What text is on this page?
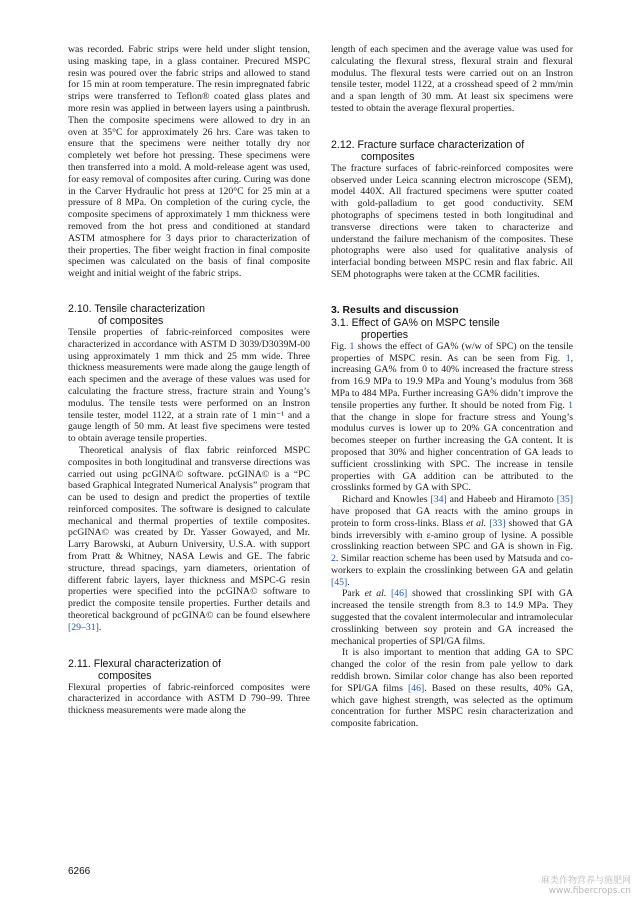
was recorded. Fabric strips were held under slight tension, using masking tape, in a glass container. Precured MSPC resin was poured over the fabric strips and allowed to stand for 15 min at room temperature. The resin impregnated fabric strips were transferred to Teflon® coated glass plates and more resin was applied in between layers using a paintbrush. Then the composite specimens were allowed to dry in an oven at 35°C for approximately 26 hrs. Care was taken to ensure that the specimens were neither totally dry nor completely wet before hot pressing. These specimens were then transferred into a mold. A mold-release agent was used, for easy removal of composites after curing. Curing was done in the Carver Hydraulic hot press at 120°C for 25 min at a pressure of 8 MPa. On completion of the curing cycle, the composite specimens of approximately 1 mm thickness were removed from the hot press and conditioned at standard ASTM atmosphere for 3 days prior to characterization of their properties. The fiber weight fraction in final composite specimen was calculated on the basis of final composite weight and initial weight of the fabric strips.

2.10. Tensile characterization
of composites

Tensile properties of fabric-reinforced composites were characterized in accordance with ASTM D 3039/D3039M-00 using approximately 1 mm thick and 25 mm wide. Three thickness measurements were made along the gauge length of each specimen and the average of these values was used for calculating the fracture stress, fracture strain and Young’s modulus. The tensile tests were performed on an Instron tensile tester, model 1122, at a strain rate of 1 min⁻¹ and a gauge length of 50 mm. At least five specimens were tested to obtain average tensile properties.

Theoretical analysis of flax fabric reinforced MSPC composites in both longitudinal and transverse directions was carried out using pcGINA© software. pcGINA© is a “PC based Graphical Integrated Numerical Analysis” program that can be used to design and predict the properties of textile reinforced composites. The software is designed to calculate mechanical and thermal properties of textile composites. pcGINA© was created by Dr. Yasser Gowayed, and Mr. Larry Barowski, at Auburn University, U.S.A. with support from Pratt & Whitney, NASA Lewis and GE. The fabric structure, thread spacings, yarn diameters, orientation of different fabric layers, layer thickness and MSPC-G resin properties were specified into the pcGINA© software to predict the composite tensile properties. Further details and theoretical background of pcGINA© can be found elsewhere [29–31].

2.11. Flexural characterization of
composites

Flexural properties of fabric-reinforced composites were characterized in accordance with ASTM D 790–99. Three thickness measurements were made along the

length of each specimen and the average value was used for calculating the flexural stress, flexural strain and flexural modulus. The flexural tests were carried out on an Instron tensile tester, model 1122, at a crosshead speed of 2 mm/min and a span length of 30 mm. At least six specimens were tested to obtain the average flexural properties.

2.12. Fracture surface characterization of
composites

The fracture surfaces of fabric-reinforced composites were observed under Leica scanning electron microscope (SEM), model 440X. All fractured specimens were sputter coated with gold-palladium to get good conductivity. SEM photographs of specimens tested in both longitudinal and transverse directions were taken to characterize and understand the failure mechanism of the composites. These photographs were also used for qualitative analysis of interfacial bonding between MSPC resin and flax fabric. All SEM photographs were taken at the CCMR facilities.

3. Results and discussion
3.1. Effect of GA% on MSPC tensile
properties

Fig. 1 shows the effect of GA% (w/w of SPC) on the tensile properties of MSPC resin. As can be seen from Fig. 1, increasing GA% from 0 to 40% increased the fracture stress from 16.9 MPa to 19.9 MPa and Young’s modulus from 368 MPa to 484 MPa. Further increasing GA% didn’t improve the tensile properties any further. It should be noted from Fig. 1 that the change in slope for fracture stress and Young’s modulus curves is lower up to 20% GA concentration and becomes steeper on further increasing the GA content. It is proposed that 30% and higher concentration of GA leads to sufficient crosslinking with SPC. The increase in tensile properties with GA addition can be attributed to the crosslinks formed by GA with SPC.

Richard and Knowles [34] and Habeeb and Hiramoto [35] have proposed that GA reacts with the amino groups in protein to form cross-links. Blass et al. [33] showed that GA binds irreversibly with ε-amino group of lysine. A possible crosslinking reaction between SPC and GA is shown in Fig. 2. Similar reaction scheme has been used by Matsuda and co-workers to explain the crosslinking between GA and gelatin [45].

Park et al. [46] showed that crosslinking SPI with GA increased the tensile strength from 8.3 to 14.9 MPa. They suggested that the covalent intermolecular and intramolecular crosslinking between soy protein and GA increased the mechanical properties of SPI/GA films.

It is also important to mention that adding GA to SPC changed the color of the resin from pale yellow to dark reddish brown. Similar color change has also been reported for SPI/GA films [46]. Based on these results, 40% GA, which gave highest strength, was selected as the optimum concentration for further MSPC resin characterization and composite fabrication.

6266
麻类作物营养与施肥网
www.fibercrops.cn
